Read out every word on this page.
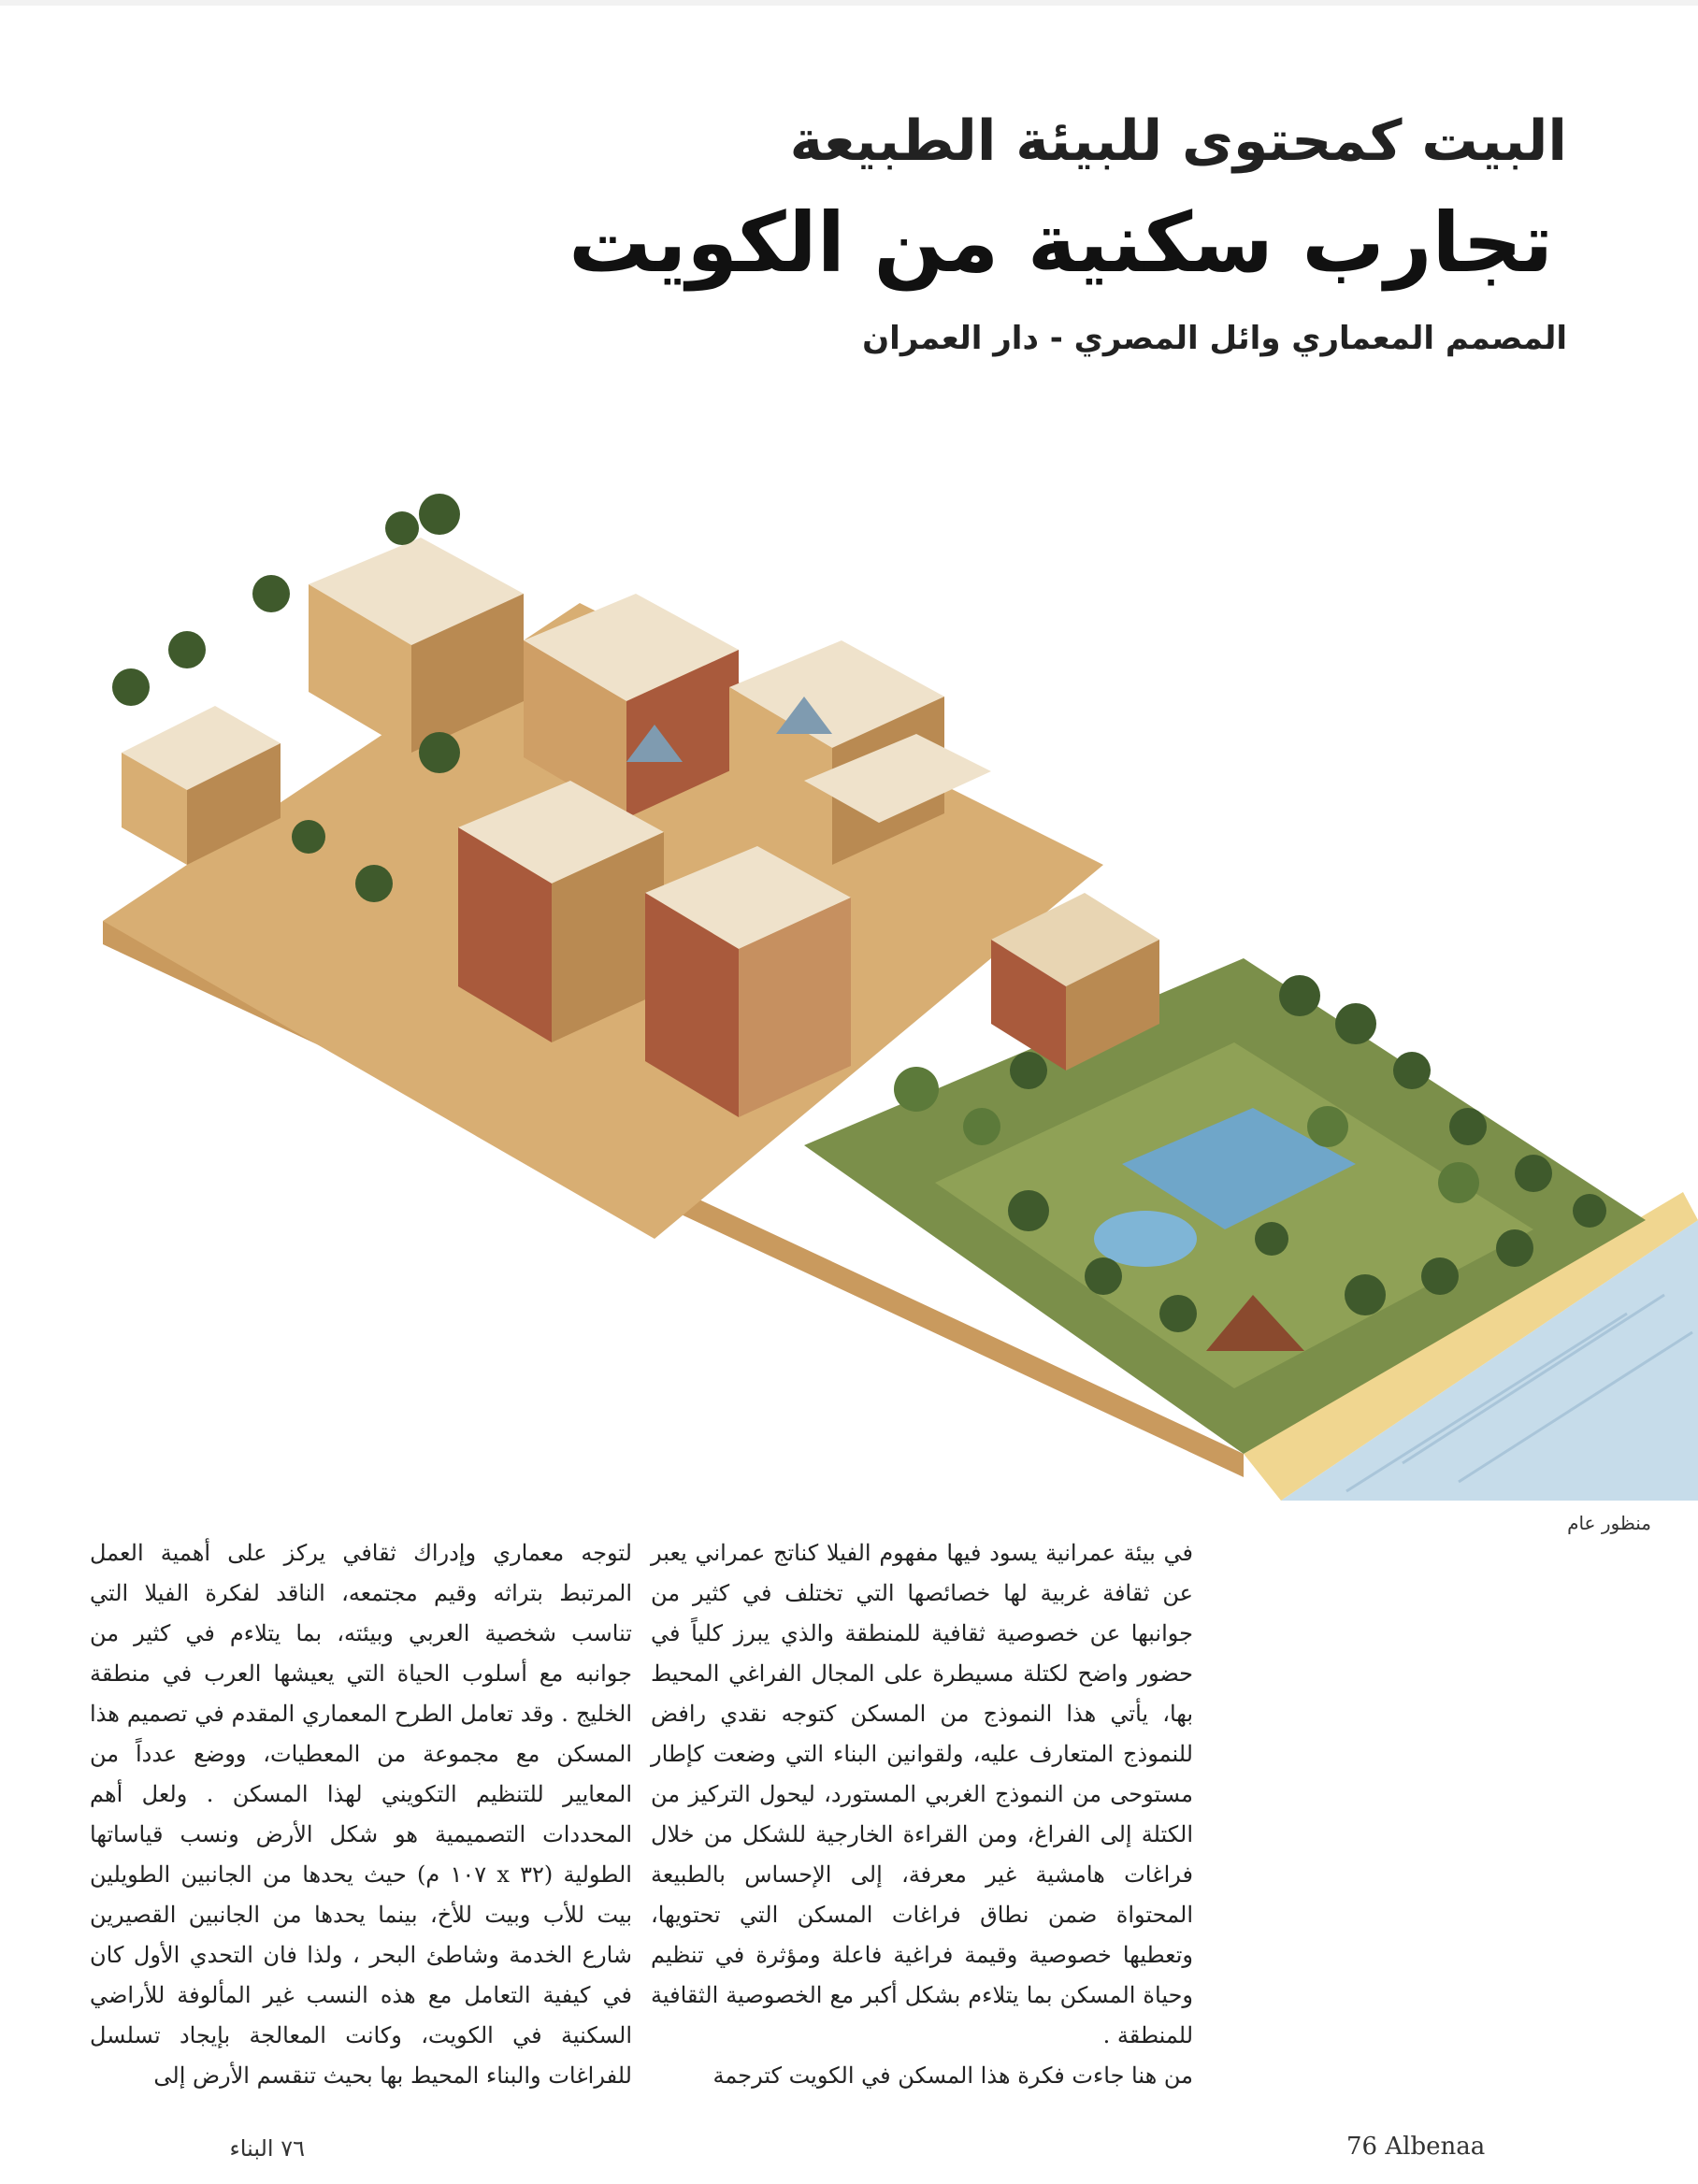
البيت كمحتوى للبيئة الطبيعة
تجارب سكنية من الكويت
المصمم المعماري وائل المصري - دار العمران
منظور عام

في بيئة عمرانية يسود فيها مفهوم الفيلا كناتج عمراني يعبر عن ثقافة غربية لها خصائصها التي تختلف في كثير من جوانبها عن خصوصية ثقافية للمنطقة والذي يبرز كلياً في حضور واضح لكتلة مسيطرة على المجال الفراغي المحيط بها، يأتي هذا النموذج من المسكن كتوجه نقدي رافض للنموذج المتعارف عليه، ولقوانين البناء التي وضعت كإطار مستوحى من النموذج الغربي المستورد، ليحول التركيز من الكتلة إلى الفراغ، ومن القراءة الخارجية للشكل من خلال فراغات هامشية غير معرفة، إلى الإحساس بالطبيعة المحتواة ضمن نطاق فراغات المسكن التي تحتويها، وتعطيها خصوصية وقيمة فراغية فاعلة ومؤثرة في تنظيم وحياة المسكن بما يتلاءم بشكل أكبر مع الخصوصية الثقافية للمنطقة .

من هنا جاءت فكرة هذا المسكن في الكويت كترجمة

لتوجه معماري وإدراك ثقافي يركز على أهمية العمل المرتبط بتراثه وقيم مجتمعه، الناقد لفكرة الفيلا التي تناسب شخصية العربي وبيئته، بما يتلاءم في كثير من جوانبه مع أسلوب الحياة التي يعيشها العرب في منطقة الخليج . وقد تعامل الطرح المعماري المقدم في تصميم هذا المسكن مع مجموعة من المعطيات، ووضع عدداً من المعايير للتنظيم التكويني لهذا المسكن . ولعل أهم المحددات التصميمية هو شكل الأرض ونسب قياساتها الطولية (٣٢ x ١٠٧ م) حيث يحدها من الجانبين الطويلين بيت للأب وبيت للأخ، بينما يحدها من الجانبين القصيرين شارع الخدمة وشاطئ البحر ، ولذا فان التحدي الأول كان في كيفية التعامل مع هذه النسب غير المألوفة للأراضي السكنية في الكويت، وكانت المعالجة بإيجاد تسلسل للفراغات والبناء المحيط بها بحيث تنقسم الأرض إلى

٧٦ البناء	76 Albenaa
